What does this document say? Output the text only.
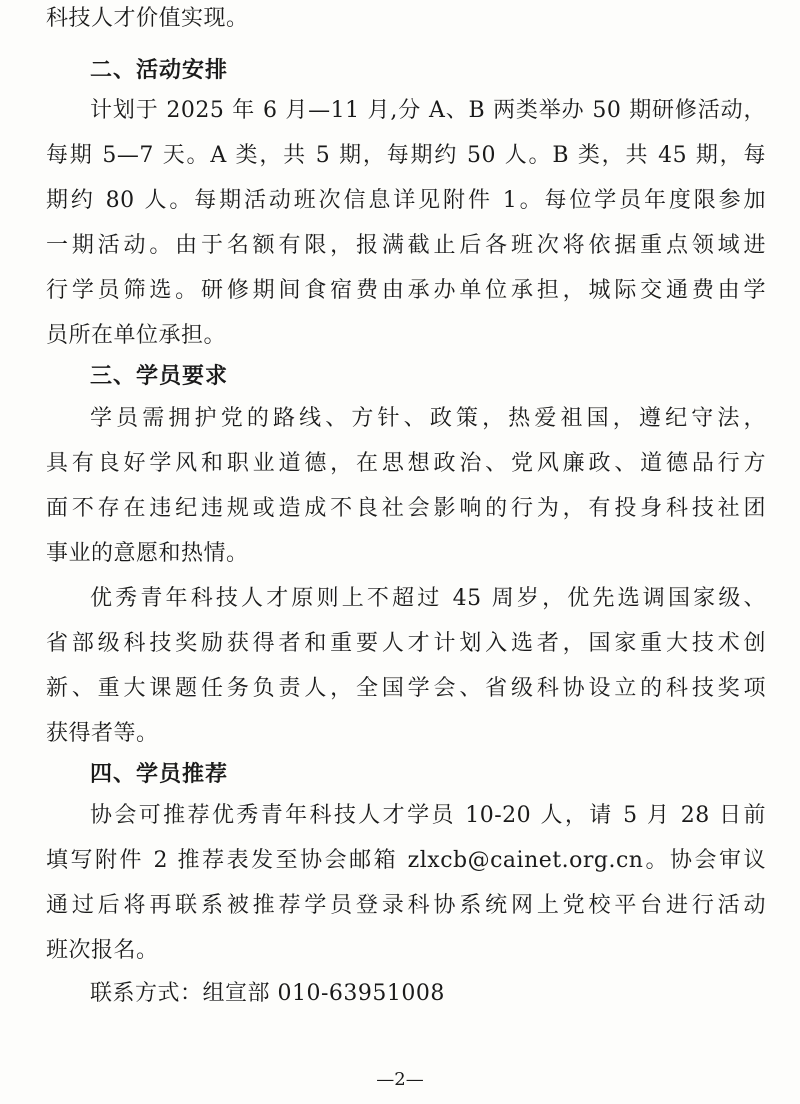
科技人才价值实现。
二、活动安排
计划于 2025 年 6 月—11 月,分 A、B 两类举办 50 期研修活动，
每期 5—7 天。A 类，共 5 期，每期约 50 人。B 类，共 45 期，每
期约 80 人。每期活动班次信息详见附件 1。每位学员年度限参加
一期活动。由于名额有限，报满截止后各班次将依据重点领域进
行学员筛选。研修期间食宿费由承办单位承担，城际交通费由学
员所在单位承担。
三、学员要求
学员需拥护党的路线、方针、政策，热爱祖国，遵纪守法，
具有良好学风和职业道德，在思想政治、党风廉政、道德品行方
面不存在违纪违规或造成不良社会影响的行为，有投身科技社团
事业的意愿和热情。
优秀青年科技人才原则上不超过 45 周岁，优先选调国家级、
省部级科技奖励获得者和重要人才计划入选者，国家重大技术创
新、重大课题任务负责人，全国学会、省级科协设立的科技奖项
获得者等。
四、学员推荐
协会可推荐优秀青年科技人才学员 10-20 人，请 5 月 28 日前
填写附件 2 推荐表发至协会邮箱 zlxcb@cainet.org.cn。协会审议
通过后将再联系被推荐学员登录科协系统网上党校平台进行活动
班次报名。
联系方式：组宣部 010-63951008
—2—
